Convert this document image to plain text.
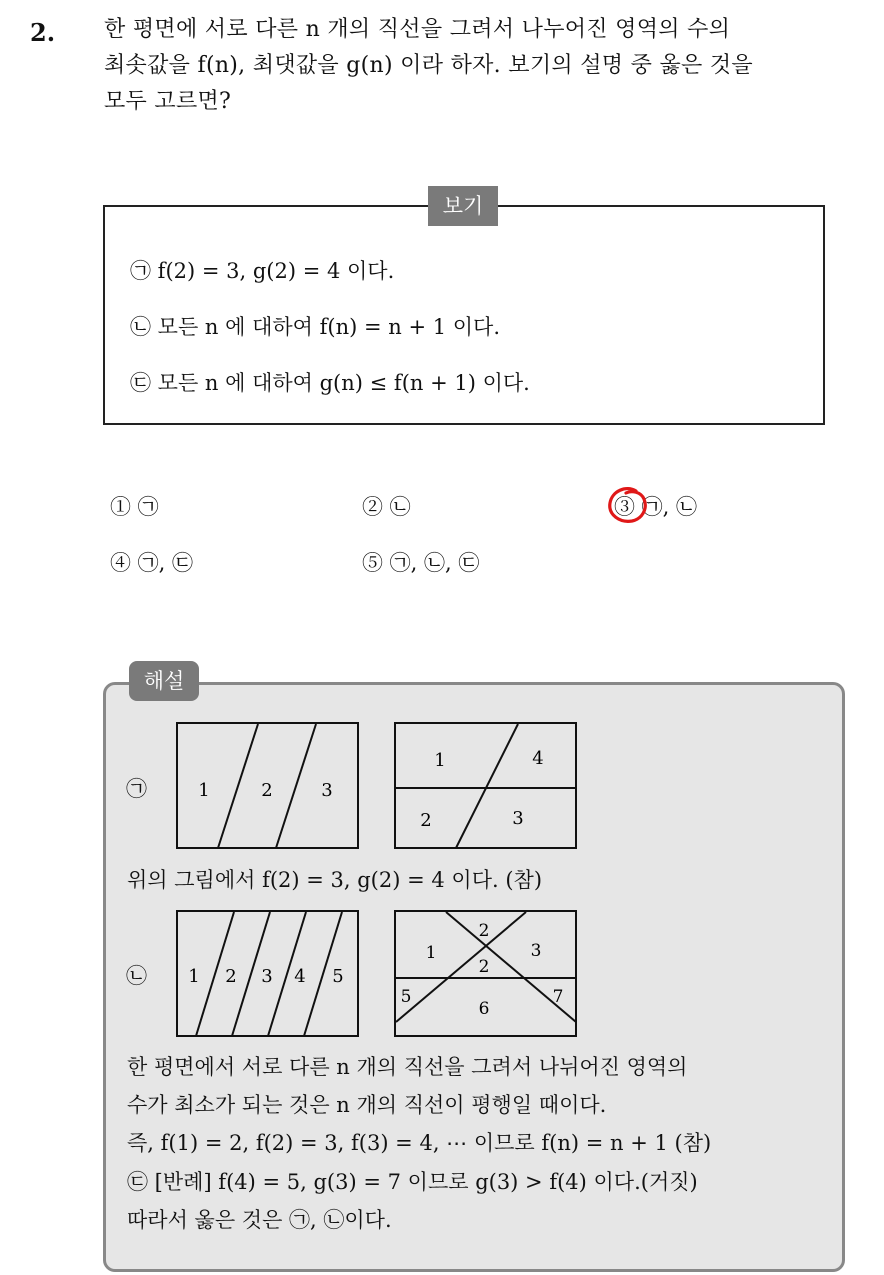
2. 한 평면에 서로 다른 n 개의 직선을 그려서 나누어진 영역의 수의
최솟값을 f(n), 최댓값을 g(n) 이라 하자. 보기의 설명 중 옳은 것을
모두 고르면?
보기
㉠ f(2) = 3, g(2) = 4 이다.
㉡ 모든 n 에 대하여 f(n) = n + 1 이다.
㉢ 모든 n 에 대하여 g(n) ≤ f(n + 1) 이다.
① ㉠	② ㉡	③ ㉠, ㉡
④ ㉠, ㉢	⑤ ㉠, ㉡, ㉢
해설
㉠	1	2	3
1	4
2	3
위의 그림에서 f(2) = 3, g(2) = 4 이다. (참)
㉡ 1 2 3 4 5
2
1	3
2
5	7
6
한 평면에서 서로 다른 n 개의 직선을 그려서 나뉘어진 영역의
수가 최소가 되는 것은 n 개의 직선이 평행일 때이다.
즉, f(1) = 2, f(2) = 3, f(3) = 4, ⋯ 이므로 f(n) = n + 1 (참)
㉢ [반례] f(4) = 5, g(3) = 7 이므로 g(3) > f(4) 이다.(거짓)
따라서 옳은 것은 ㉠, ㉡이다.
